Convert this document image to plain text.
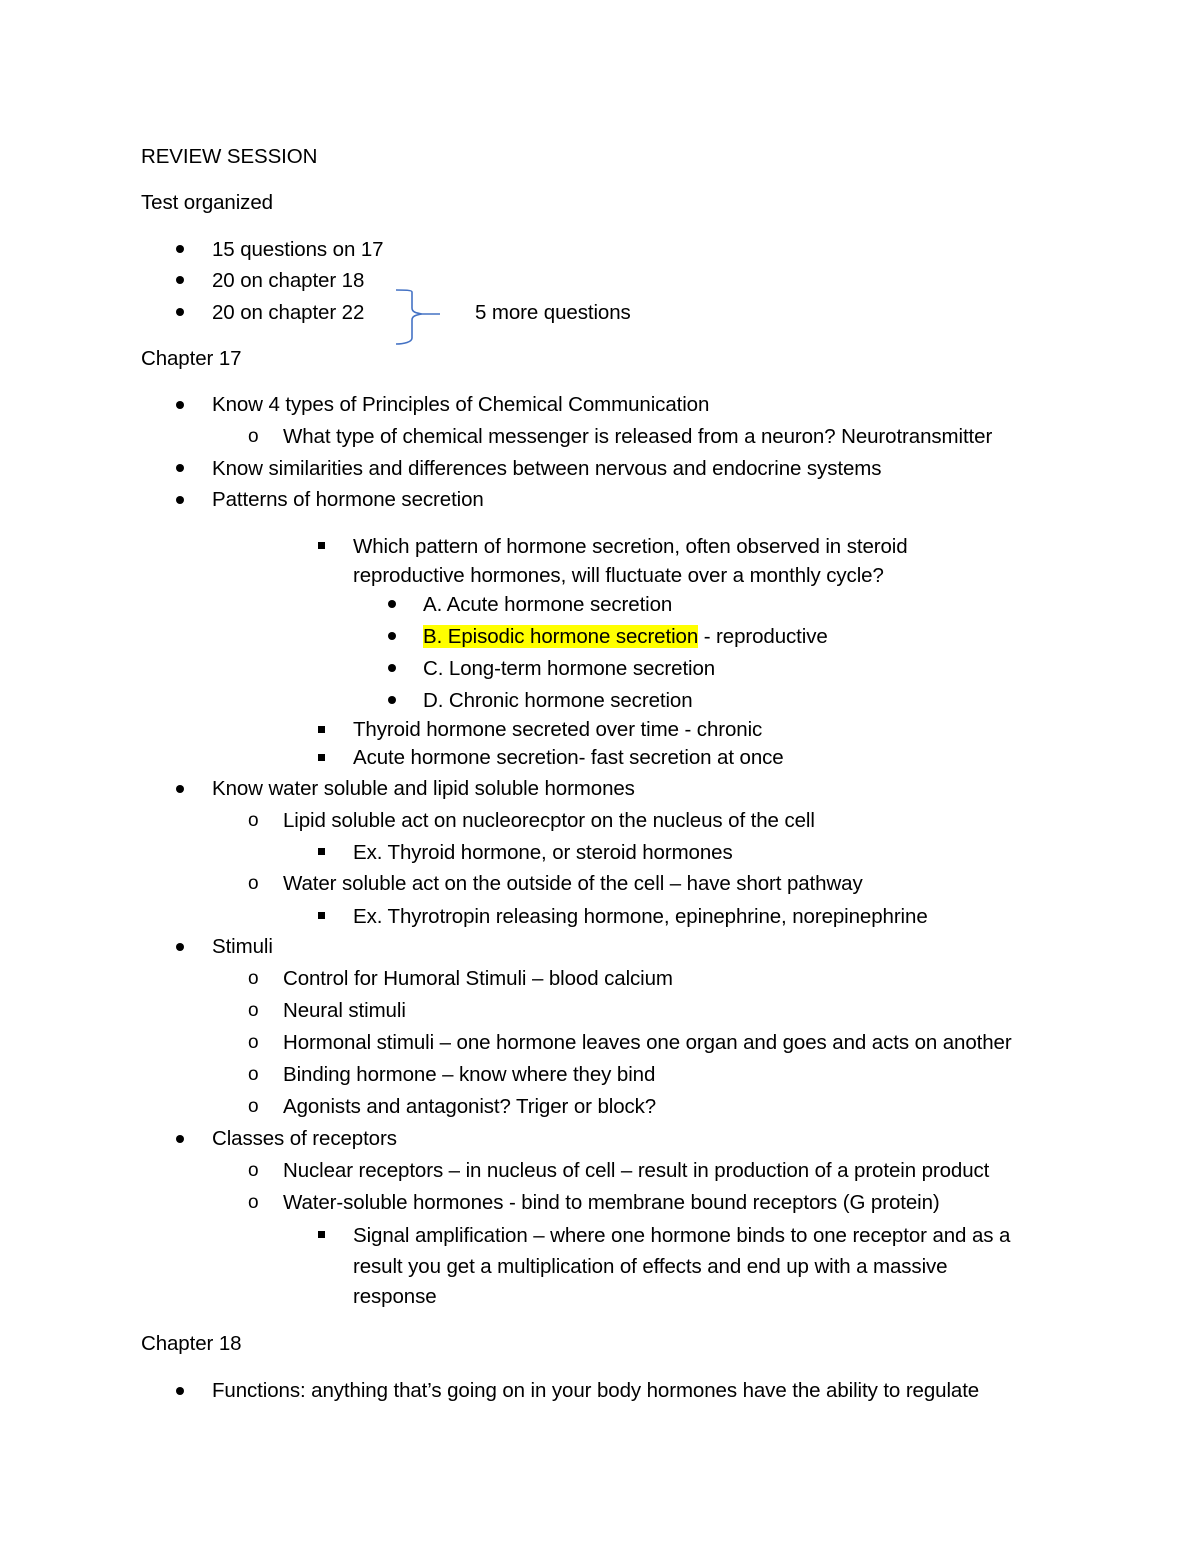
REVIEW SESSION
Test organized
15 questions on 17
20 on chapter 18
20 on chapter 22	5 more questions
Chapter 17
Know 4 types of Principles of Chemical Communication
o What type of chemical messenger is released from a neuron? Neurotransmitter
Know similarities and differences between nervous and endocrine systems
Patterns of hormone secretion
Which pattern of hormone secretion, often observed in steroid
reproductive hormones, will fluctuate over a monthly cycle?
A. Acute hormone secretion
B. Episodic hormone secretion - reproductive
C. Long-term hormone secretion
D. Chronic hormone secretion
Thyroid hormone secreted over time - chronic
Acute hormone secretion- fast secretion at once
Know water soluble and lipid soluble hormones
o Lipid soluble act on nucleorecptor on the nucleus of the cell
Ex. Thyroid hormone, or steroid hormones
o Water soluble act on the outside of the cell – have short pathway
Ex. Thyrotropin releasing hormone, epinephrine, norepinephrine
Stimuli
o Control for Humoral Stimuli – blood calcium
o Neural stimuli
o Hormonal stimuli – one hormone leaves one organ and goes and acts on another
o Binding hormone – know where they bind
o Agonists and antagonist? Triger or block?
Classes of receptors
o Nuclear receptors – in nucleus of cell – result in production of a protein product
o Water-soluble hormones - bind to membrane bound receptors (G protein)
Signal amplification – where one hormone binds to one receptor and as a
result you get a multiplication of effects and end up with a massive
response
Chapter 18
Functions: anything that’s going on in your body hormones have the ability to regulate
